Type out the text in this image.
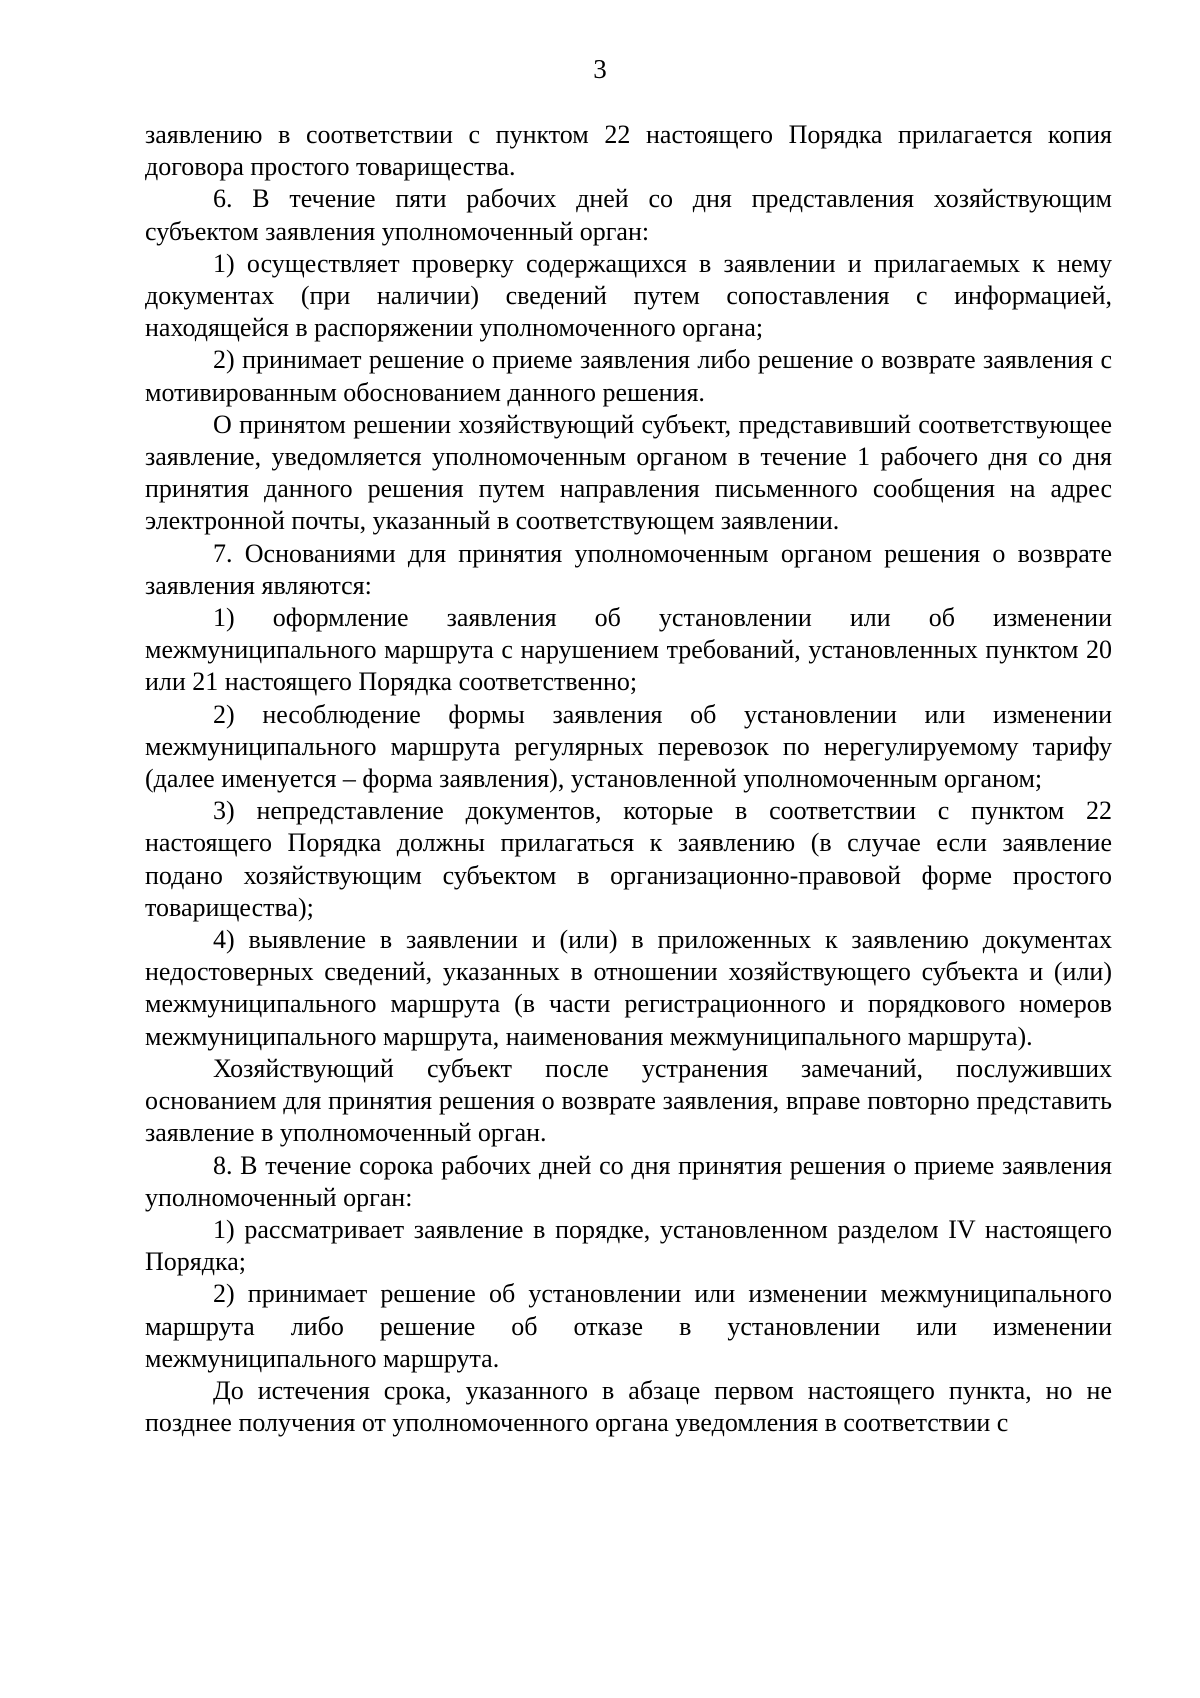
3

заявлению в соответствии с пунктом 22 настоящего Порядка прилагается копия договора простого товарищества.

6. В течение пяти рабочих дней со дня представления хозяйствующим субъектом заявления уполномоченный орган:

1) осуществляет проверку содержащихся в заявлении и прилагаемых к нему документах (при наличии) сведений путем сопоставления с информацией, находящейся в распоряжении уполномоченного органа;

2) принимает решение о приеме заявления либо решение о возврате заявления с мотивированным обоснованием данного решения.

О принятом решении хозяйствующий субъект, представивший соответствующее заявление, уведомляется уполномоченным органом в течение 1 рабочего дня со дня принятия данного решения путем направления письменного сообщения на адрес электронной почты, указанный в соответствующем заявлении.

7. Основаниями для принятия уполномоченным органом решения о возврате заявления являются:

1) оформление заявления об установлении или об изменении межмуниципального маршрута с нарушением требований, установленных пунктом 20 или 21 настоящего Порядка соответственно;

2) несоблюдение формы заявления об установлении или изменении межмуниципального маршрута регулярных перевозок по нерегулируемому тарифу (далее именуется – форма заявления), установленной уполномоченным органом;

3) непредставление документов, которые в соответствии с пунктом 22 настоящего Порядка должны прилагаться к заявлению (в случае если заявление подано хозяйствующим субъектом в организационно-правовой форме простого товарищества);

4) выявление в заявлении и (или) в приложенных к заявлению документах недостоверных сведений, указанных в отношении хозяйствующего субъекта и (или) межмуниципального маршрута (в части регистрационного и порядкового номеров межмуниципального маршрута, наименования межмуниципального маршрута).

Хозяйствующий субъект после устранения замечаний, послуживших основанием для принятия решения о возврате заявления, вправе повторно представить заявление в уполномоченный орган.

8. В течение сорока рабочих дней со дня принятия решения о приеме заявления уполномоченный орган:

1) рассматривает заявление в порядке, установленном разделом IV настоящего Порядка;

2) принимает решение об установлении или изменении межмуниципального маршрута либо решение об отказе в установлении или изменении межмуниципального маршрута.

До истечения срока, указанного в абзаце первом настоящего пункта, но не позднее получения от уполномоченного органа уведомления в соответствии с
